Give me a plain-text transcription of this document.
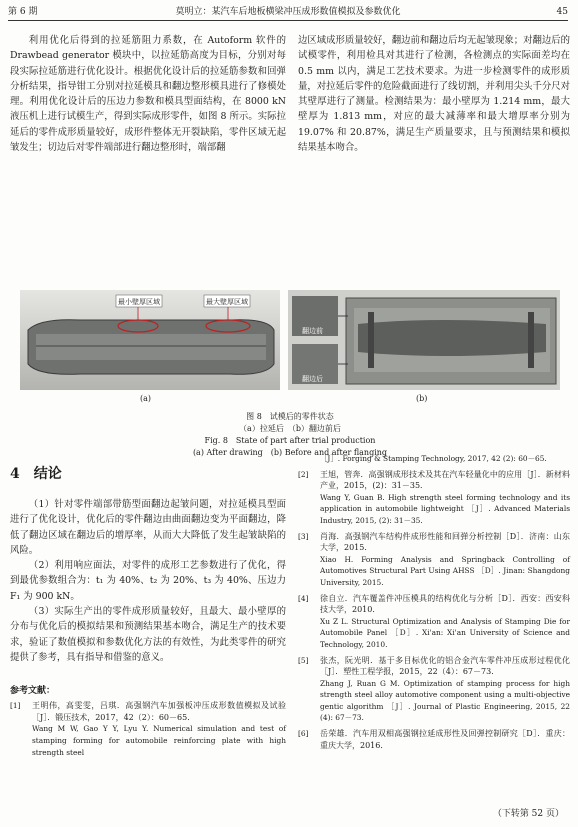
第 6 期	莫明立：某汽车后地板横梁冲压成形数值模拟及参数优化	45

利用优化后得到的拉延筋阻力系数，在 Autoform 软件的 Drawbead generator 模块中，以拉延筋高度为目标，分别对每段实际拉延筋进行优化设计。根据优化设计后的拉延筋参数和回弹分析结果，指导钳工分别对拉延模具和翻边整形模具进行了修模处理。利用优化设计后的压边力参数和模具型面结构，在 8000 kN 液压机上进行试模生产，得到实际成形零件，如图 8 所示。实际拉延后的零件成形质量较好，成形件整体无开裂缺陷，零件区域无起皱发生；切边后对零件端部进行翻边整形时，端部翻

边区域成形质量较好，翻边前和翻边后均无起皱现象；对翻边后的试模零件，利用检具对其进行了检测，各检测点的实际面差均在 0.5 mm 以内，满足工艺技术要求。为进一步检测零件的成形质量，对拉延后零件的危险截面进行了线切割，并利用尖头千分尺对其壁厚进行了测量。检测结果为：最小壁厚为 1.214 mm，最大壁厚为 1.813 mm，对应的最大减薄率和最大增厚率分别为 19.07% 和 20.87%，满足生产质量要求，且与预测结果和模拟结果基本吻合。

最小壁厚区域	最大壁厚区域
翻边前
翻边后
(a)	(b)
图 8　试模后的零件状态
（a）拉延后　（b）翻边前后
Fig. 8　State of part after trial production
(a) After drawing　(b) Before and after flanging
4　结论

（1）针对零件端部带筋型面翻边起皱问题，对拉延模具型面进行了优化设计，优化后的零件翻边由曲面翻边变为平面翻边，降低了翻边区域在翻边后的增厚率，从而大大降低了发生起皱缺陷的风险。

（2）利用响应面法，对零件的成形工艺参数进行了优化，得到最优参数组合为：t₁ 为 40%、t₂ 为 20%、t₃ 为 40%、压边力 F₁ 为 900 kN。

（3）实际生产出的零件成形质量较好，且最大、最小壁厚的分布与优化后的模拟结果和预测结果基本吻合，满足生产的技术要求，验证了数值模拟和参数优化方法的有效性，为此类零件的研究提供了参考，具有指导和借鉴的意义。

参考文献：
[1] 王明伟，高雯雯，吕琪．高强钢汽车加强板冲压成形数值模拟及试验［J］．锻压技术，2017，42（2）：60－65．
Wang M W, Gao Y Y, Lyu Y. Numerical simulation and test of stamping forming for automobile reinforcing plate with high strength steel
［J］. Forging & Stamping Technology, 2017, 42 (2): 60－65.
[2] 王旭，管奔．高强钢成形技术及其在汽车轻量化中的应用［J］．新材料产业，2015，(2)：31－35．
Wang Y, Guan B. High strength steel forming technology and its application in automobile lightweight ［J］. Advanced Materials Industry, 2015, (2): 31－35.
[3] 肖海．高强钢汽车结构件成形性能和回弹分析控制［D］．济南：山东大学，2015．
Xiao H. Forming Analysis and Springback Controlling of Automotives Structural Part Using AHSS ［D］. Jinan: Shangdong University, 2015.
[4] 徐自立．汽车覆盖件冲压模具的结构优化与分析［D］．西安：西安科技大学，2010．
Xu Z L. Structural Optimization and Analysis of Stamping Die for Automobile Panel ［D］. Xi'an: Xi'an University of Science and Technology, 2010.
[5] 张杰，阮光明．基于多目标优化的铝合金汽车零件冲压成形过程优化［J］．塑性工程学报，2015，22（4）：67－73．
Zhang J, Ruan G M. Optimization of stamping process for high strength steel alloy automotive component using a multi-objective gentic algorithm ［J］. Journal of Plastic Engineering, 2015, 22 (4): 67－73.
[6] 岳荣雄．汽车用双相高强钢拉延成形性及回弹控制研究［D］．重庆：重庆大学，2016．
（下转第 52 页）
